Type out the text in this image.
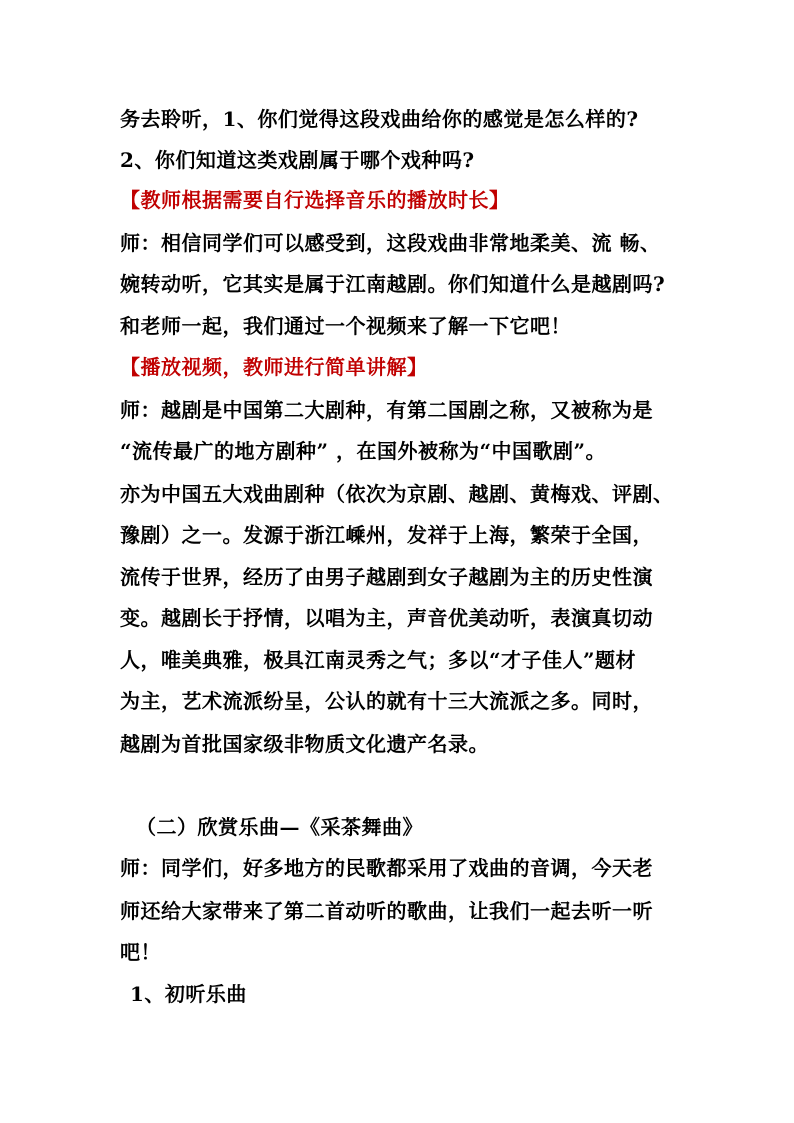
务去聆听，1、你们觉得这段戏曲给你的感觉是怎么样的?
2、你们知道这类戏剧属于哪个戏种吗?
【教师根据需要自行选择音乐的播放时长】
师：相信同学们可以感受到，这段戏曲非常地柔美、流 畅、
婉转动听，它其实是属于江南越剧。你们知道什么是越剧吗?
和老师一起，我们通过一个视频来了解一下它吧！
【播放视频，教师进行简单讲解】
师：越剧是中国第二大剧种，有第二国剧之称，又被称为是
“流传最广的地方剧种” ，在国外被称为“中国歌剧”。
亦为中国五大戏曲剧种（依次为京剧、越剧、黄梅戏、评剧、
豫剧）之一。发源于浙江嵊州，发祥于上海，繁荣于全国，
流传于世界，经历了由男子越剧到女子越剧为主的历史性演
变。越剧长于抒情，以唱为主，声音优美动听，表演真切动
人，唯美典雅，极具江南灵秀之气；多以“才子佳人”题材
为主，艺术流派纷呈，公认的就有十三大流派之多。同时，
越剧为首批国家级非物质文化遗产名录。
（二）欣赏乐曲—《采茶舞曲》
师：同学们，好多地方的民歌都采用了戏曲的音调，今天老
师还给大家带来了第二首动听的歌曲，让我们一起去听一听
吧！
1、初听乐曲
